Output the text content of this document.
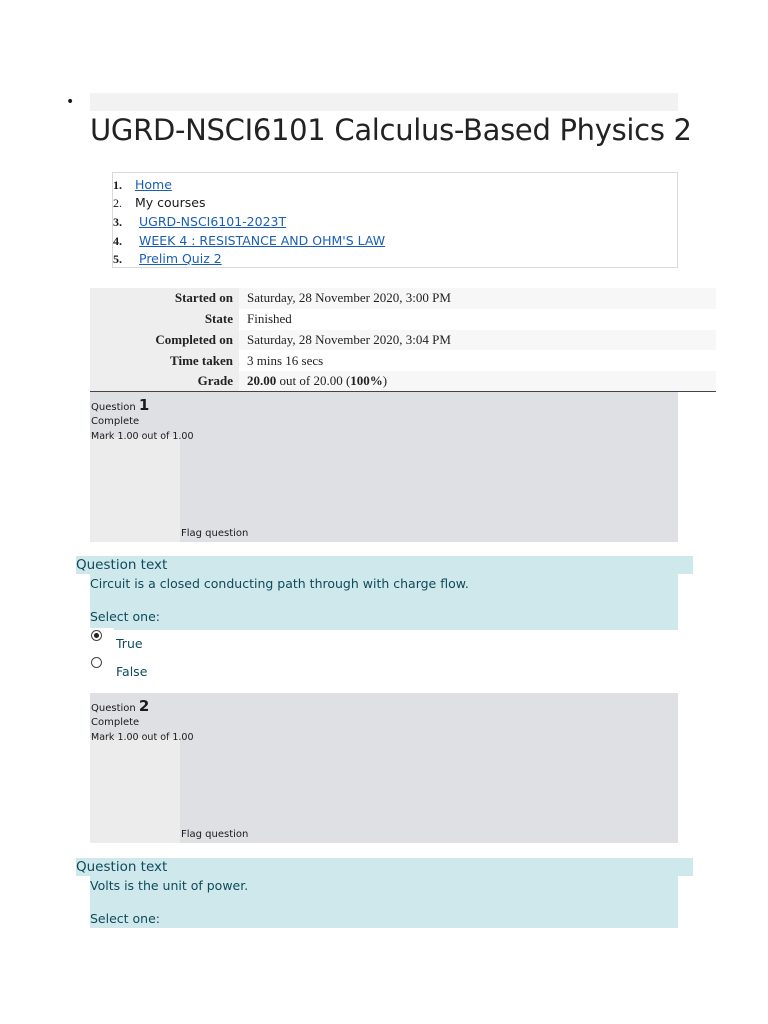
•
UGRD-NSCI6101 Calculus-Based Physics 2
1.	Home
2.	My courses
3.	UGRD-NSCI6101-2023T
4.	WEEK 4 : RESISTANCE AND OHM'S LAW
5.	Prelim Quiz 2
Started on	Saturday, 28 November 2020, 3:00 PM
State	Finished
Completed on	Saturday, 28 November 2020, 3:04 PM
Time taken	3 mins 16 secs
Grade	20.00 out of 20.00 (100%)
Question 1
Complete
Mark 1.00 out of 1.00
Flag question
Question text
Circuit is a closed conducting path through with charge flow.
Select one:
True
False
Question 2
Complete
Mark 1.00 out of 1.00
Flag question
Question text
Volts is the unit of power.
Select one:
